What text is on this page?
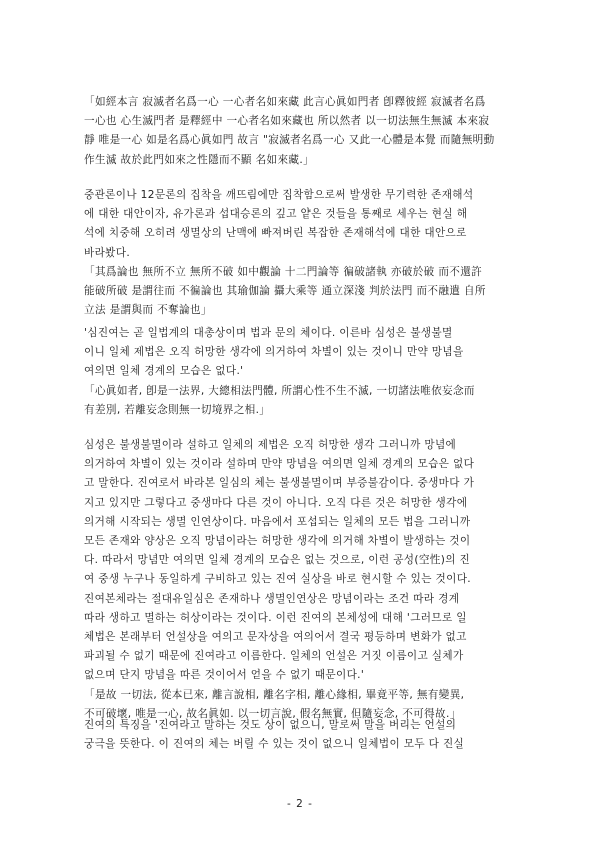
「如經本言 寂滅者名爲一心 一心者名如來藏 此言心眞如門者 卽釋彼經 寂滅者名爲
一心也 心生滅門者 是釋經中 一心者名如來藏也 所以然者 以一切法無生無滅 本來寂
靜 唯是一心 如是名爲心眞如門 故言 "寂滅者名爲一心 又此一心體是本覺 而隨無明動
作生滅 故於此門如來之性隱而不顯 名如來藏.」

중관론이나 12문론의 집착을 깨뜨림에만 집착함으로써 발생한 무기력한 존재해석
에 대한 대안이자, 유가론과 섭대승론의 깊고 얕은 것들을 통째로 세우는 현실 해
석에 치중해 오히려 생멸상의 난맥에 빠져버린 복잡한 존재해석에 대한 대안으로
바라봤다.
「其爲論也 無所不立 無所不破 如中觀論 十二門論等 徧破諸執 亦破於破 而不還許
能破所破 是謂往而 不徧論也 其瑜伽論 攝大乘等 通立深淺 判於法門 而不融遣 自所
立法 是謂與而 不奪論也」

'심진여는 곧 일법계의 대총상이며 법과 문의 체이다. 이른바 심성은 불생불멸
이니 일체 제법은 오직 허망한 생각에 의거하여 차별이 있는 것이니 만약 망념을
여의면 일체 경계의 모습은 없다.'
「心眞如者, 卽是一法界, 大總相法門體, 所謂心性不生不滅, 一切諸法唯依妄念而
有差別, 若離妄念則無一切境界之相.」

심성은 불생불멸이라 설하고 일체의 제법은 오직 허망한 생각 그러니까 망념에
의거하여 차별이 있는 것이라 설하며 만약 망념을 여의면 일체 경계의 모습은 없다
고 말한다. 진여로서 바라본 일심의 체는 불생불멸이며 부증불감이다. 중생마다 가
지고 있지만 그렇다고 중생마다 다른 것이 아니다. 오직 다른 것은 허망한 생각에
의거해 시작되는 생멸 인연상이다. 마음에서 포섭되는 일체의 모든 법을 그러니까
모든 존재와 양상은 오직 망념이라는 허망한 생각에 의거해 차별이 발생하는 것이
다. 따라서 망념만 여의면 일체 경계의 모습은 없는 것으로, 이런 공성(空性)의 진
여 중생 누구나 동일하게 구비하고 있는 진여 실상을 바로 현시할 수 있는 것이다.
진여본체라는 절대유일심은 존재하나 생멸인연상은 망념이라는 조건 따라 경계
따라 생하고 멸하는 허상이라는 것이다. 이런 진여의 본체성에 대해 '그러므로 일
체법은 본래부터 언설상을 여의고 문자상을 여의어서 결국 평등하며 변화가 없고
파괴될 수 없기 때문에 진여라고 이름한다. 일체의 언설은 거짓 이름이고 실체가
없으며 단지 망념을 따른 것이어서 얻을 수 없기 때문이다.'
「是故 一切法, 從本已來, 離言說相, 離名字相, 離心緣相, 畢竟平等, 無有變異,
不可破壞, 唯是一心, 故名眞如. 以一切言說, 假名無實, 但隨妄念, 不可得故.」

진여의 특징을 '진여라고 말하는 것도 상이 없으니, 말로써 말을 버리는 언설의
궁극을 뜻한다. 이 진여의 체는 버릴 수 있는 것이 없으니 일체법이 모두 다 진실

- 2 -
